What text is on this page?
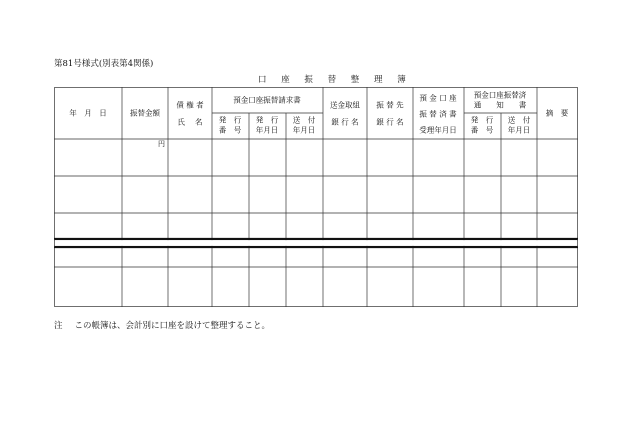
第81号様式(別表第4関係)
口 座 振 替 整 理 簿
年　月　日	振替金額
債 権 者
氏　 名
預金口座振替請求書
発　行
番　号
発　行
年月日
送　付
年月日
送金取組
銀 行 名
振 替 先
銀 行 名
預 金 口 座
振 替 済 書
受理年月日
預金口座振替済
通　　知　　書
発　行
番　号
送　付
年月日
摘　要
円
注 この帳簿は、会計別に口座を設けて整理すること。
